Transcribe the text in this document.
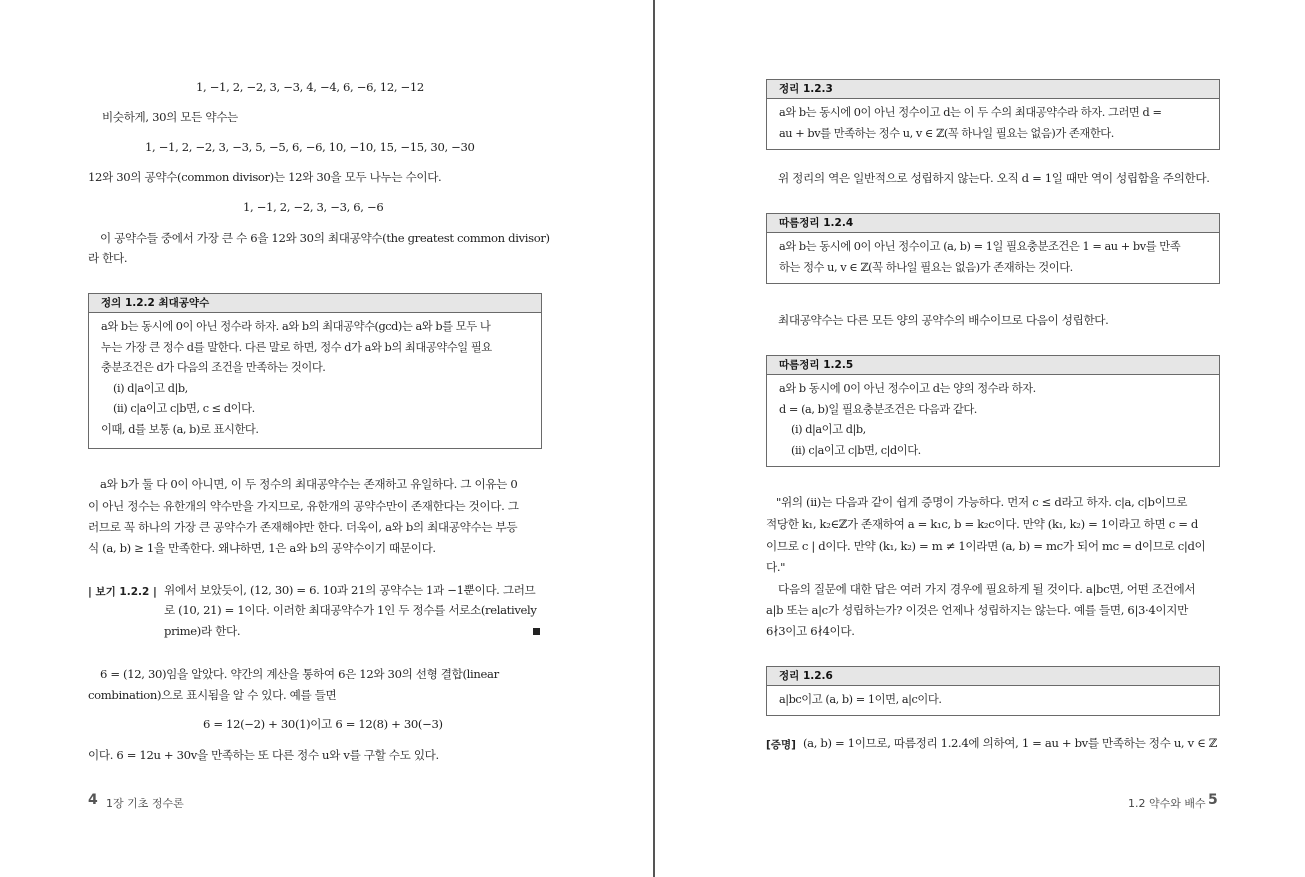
1, −1, 2, −2, 3, −3, 4, −4, 6, −6, 12, −12
비슷하게, 30의 모든 약수는
1, −1, 2, −2, 3, −3, 5, −5, 6, −6, 10, −10, 15, −15, 30, −30
12와 30의 공약수(common divisor)는 12와 30을 모두 나누는 수이다.
1, −1, 2, −2, 3, −3, 6, −6
이 공약수들 중에서 가장 큰 수 6을 12와 30의 최대공약수(the greatest common divisor)
라 한다.
정의 1.2.2 최대공약수
a와 b는 동시에 0이 아닌 정수라 하자. a와 b의 최대공약수(gcd)는 a와 b를 모두 나
누는 가장 큰 정수 d를 말한다. 다른 말로 하면, 정수 d가 a와 b의 최대공약수일 필요
충분조건은 d가 다음의 조건을 만족하는 것이다.
(i) d|a이고 d|b,
(ii) c|a이고 c|b면, c ≤ d이다.
이때, d를 보통 (a, b)로 표시한다.
a와 b가 둘 다 0이 아니면, 이 두 정수의 최대공약수는 존재하고 유일하다. 그 이유는 0
이 아닌 정수는 유한개의 약수만을 가지므로, 유한개의 공약수만이 존재한다는 것이다. 그
러므로 꼭 하나의 가장 큰 공약수가 존재해야만 한다. 더욱이, a와 b의 최대공약수는 부등
식 (a, b) ≥ 1을 만족한다. 왜냐하면, 1은 a와 b의 공약수이기 때문이다.
| 보기 1.2.2 | 위에서 보았듯이, (12, 30) = 6. 10과 21의 공약수는 1과 −1뿐이다. 그러므
로 (10, 21) = 1이다. 이러한 최대공약수가 1인 두 정수를 서로소(relatively
prime)라 한다.
6 = (12, 30)임을 알았다. 약간의 계산을 통하여 6은 12와 30의 선형 결합(linear
combination)으로 표시됨을 알 수 있다. 예를 들면
6 = 12(−2) + 30(1)이고 6 = 12(8) + 30(−3)
이다. 6 = 12u + 30v을 만족하는 또 다른 정수 u와 v를 구할 수도 있다.
4 1장 기초 정수론
정리 1.2.3
a와 b는 동시에 0이 아닌 정수이고 d는 이 두 수의 최대공약수라 하자. 그러면 d =
au + bv를 만족하는 정수 u, v ∈ ℤ(꼭 하나일 필요는 없음)가 존재한다.
위 정리의 역은 일반적으로 성립하지 않는다. 오직 d = 1일 때만 역이 성립함을 주의한다.
따름정리 1.2.4
a와 b는 동시에 0이 아닌 정수이고 (a, b) = 1일 필요충분조건은 1 = au + bv를 만족
하는 정수 u, v ∈ ℤ(꼭 하나일 필요는 없음)가 존재하는 것이다.
최대공약수는 다른 모든 양의 공약수의 배수이므로 다음이 성립한다.
따름정리 1.2.5
a와 b 동시에 0이 아닌 정수이고 d는 양의 정수라 하자.
d = (a, b)일 필요충분조건은 다음과 같다.
(i) d|a이고 d|b,
(ii) c|a이고 c|b면, c|d이다.
"위의 (ii)는 다음과 같이 쉽게 증명이 가능하다. 먼저 c ≤ d라고 하자. c|a, c|b이므로
적당한 k₁, k₂∈ℤ가 존재하여 a = k₁c, b = k₂c이다. 만약 (k₁, k₂) = 1이라고 하면 c = d
이므로 c | d이다. 만약 (k₁, k₂) = m ≠ 1이라면 (a, b) = mc가 되어 mc = d이므로 c|d이
다."
다음의 질문에 대한 답은 여러 가지 경우에 필요하게 될 것이다. a|bc면, 어떤 조건에서
a|b 또는 a|c가 성립하는가? 이것은 언제나 성립하지는 않는다. 예를 들면, 6|3·4이지만
6∤3이고 6∤4이다.
정리 1.2.6
a|bc이고 (a, b) = 1이면, a|c이다.
[증명] (a, b) = 1이므로, 따름정리 1.2.4에 의하여, 1 = au + bv를 만족하는 정수 u, v ∈ ℤ
1.2 약수와 배수 5
